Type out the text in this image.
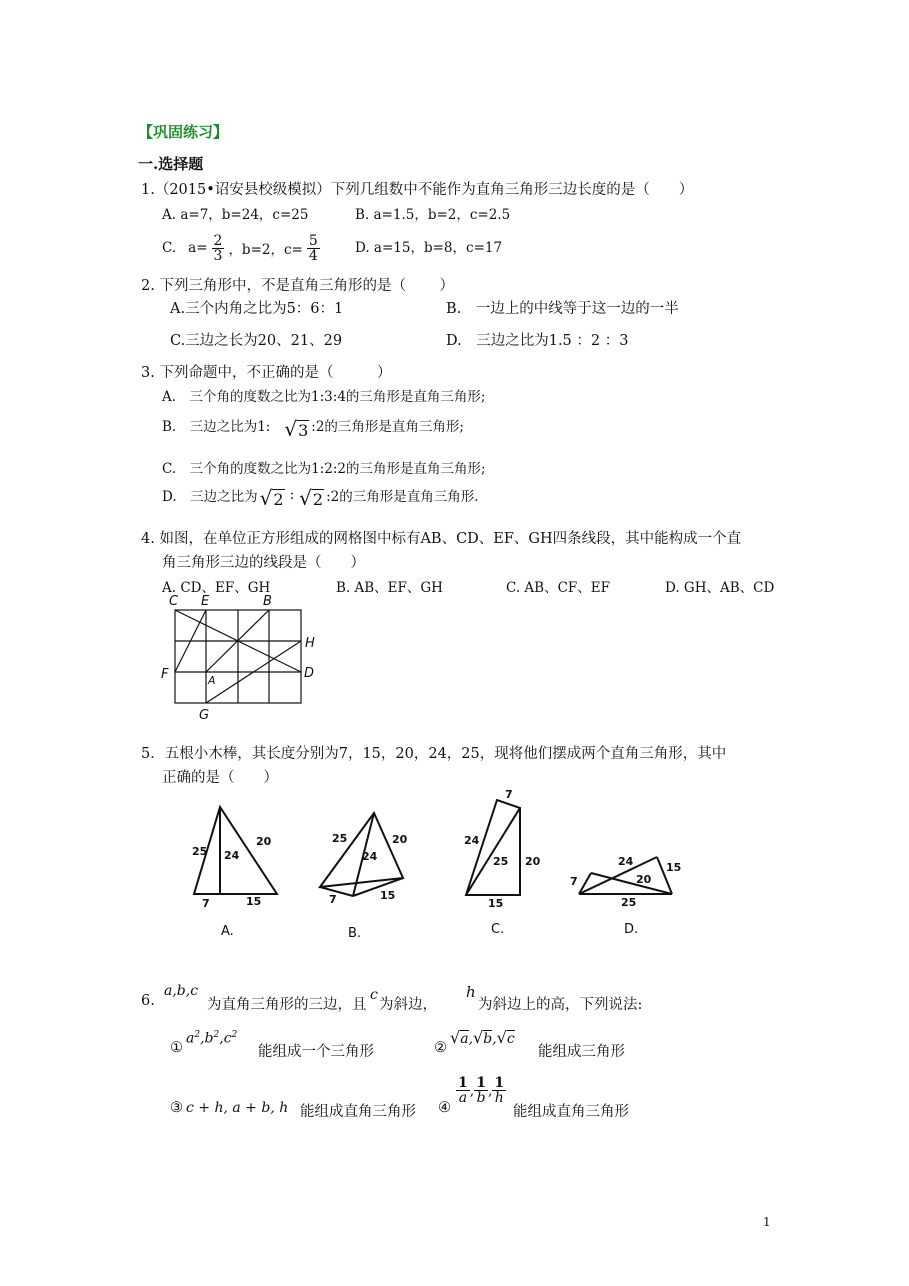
【巩固练习】
一.选择题
1.（2015•诏安县校级模拟）下列几组数中不能作为直角三角形三边长度的是（　　）
A. a=7，b=24，c=25	B. a=1.5，b=2，c=2.5
C. $a= \frac{2}{3}$ ，b=2，$c= \frac{5}{4}$	D. a=15，b=8，c=17
2. 下列三角形中，不是直角三角形的是（　　 ）
A.三个内角之比为5：6：1	B.　一边上的中线等于这一边的一半
C.三边之长为20、21、29	D.　三边之比为1.5 ：2 ：3
3. 下列命题中，不正确的是（　　　）
A.　三个角的度数之比为1:3:4的三角形是直角三角形;
B.　三边之比为1: √3 :2的三角形是直角三角形;
C.　三个角的度数之比为1:2:2的三角形是直角三角形;
D.　三边之比为 √2 : √2 :2的三角形是直角三角形.
4. 如图，在单位正方形组成的网格图中标有AB、CD、EF、GH四条线段，其中能构成一个直
角三角形三边的线段是（　　）
A. CD、EF、GH	B. AB、EF、GH	C. AB、CF、EF	D. GH、AB、CD
C E	B
H
F	D
A
G
5．五根小木棒，其长度分别为7，15，20，24，25，现将他们摆成两个直角三角形，其中
正确的是（　　）
25 24
20
7	15
25
24
20
7	15
7
24
25 20
15
24	15
20
7
25
A.	B.	C.	D.
6.
a,b,c
为直角三角形的三边，且
c
为斜边，
h
为斜边上的高，下列说法:
①
$a^2,b^2,c^2$
能组成一个三角形	②
√a,√b,√c
能组成三角形
③ c + h, a + b, h 能组成直角三角形 ④
$\frac{1}{a}$ , $\frac{1}{b}$ , $\frac{1}{h}$
能组成直角三角形
1
